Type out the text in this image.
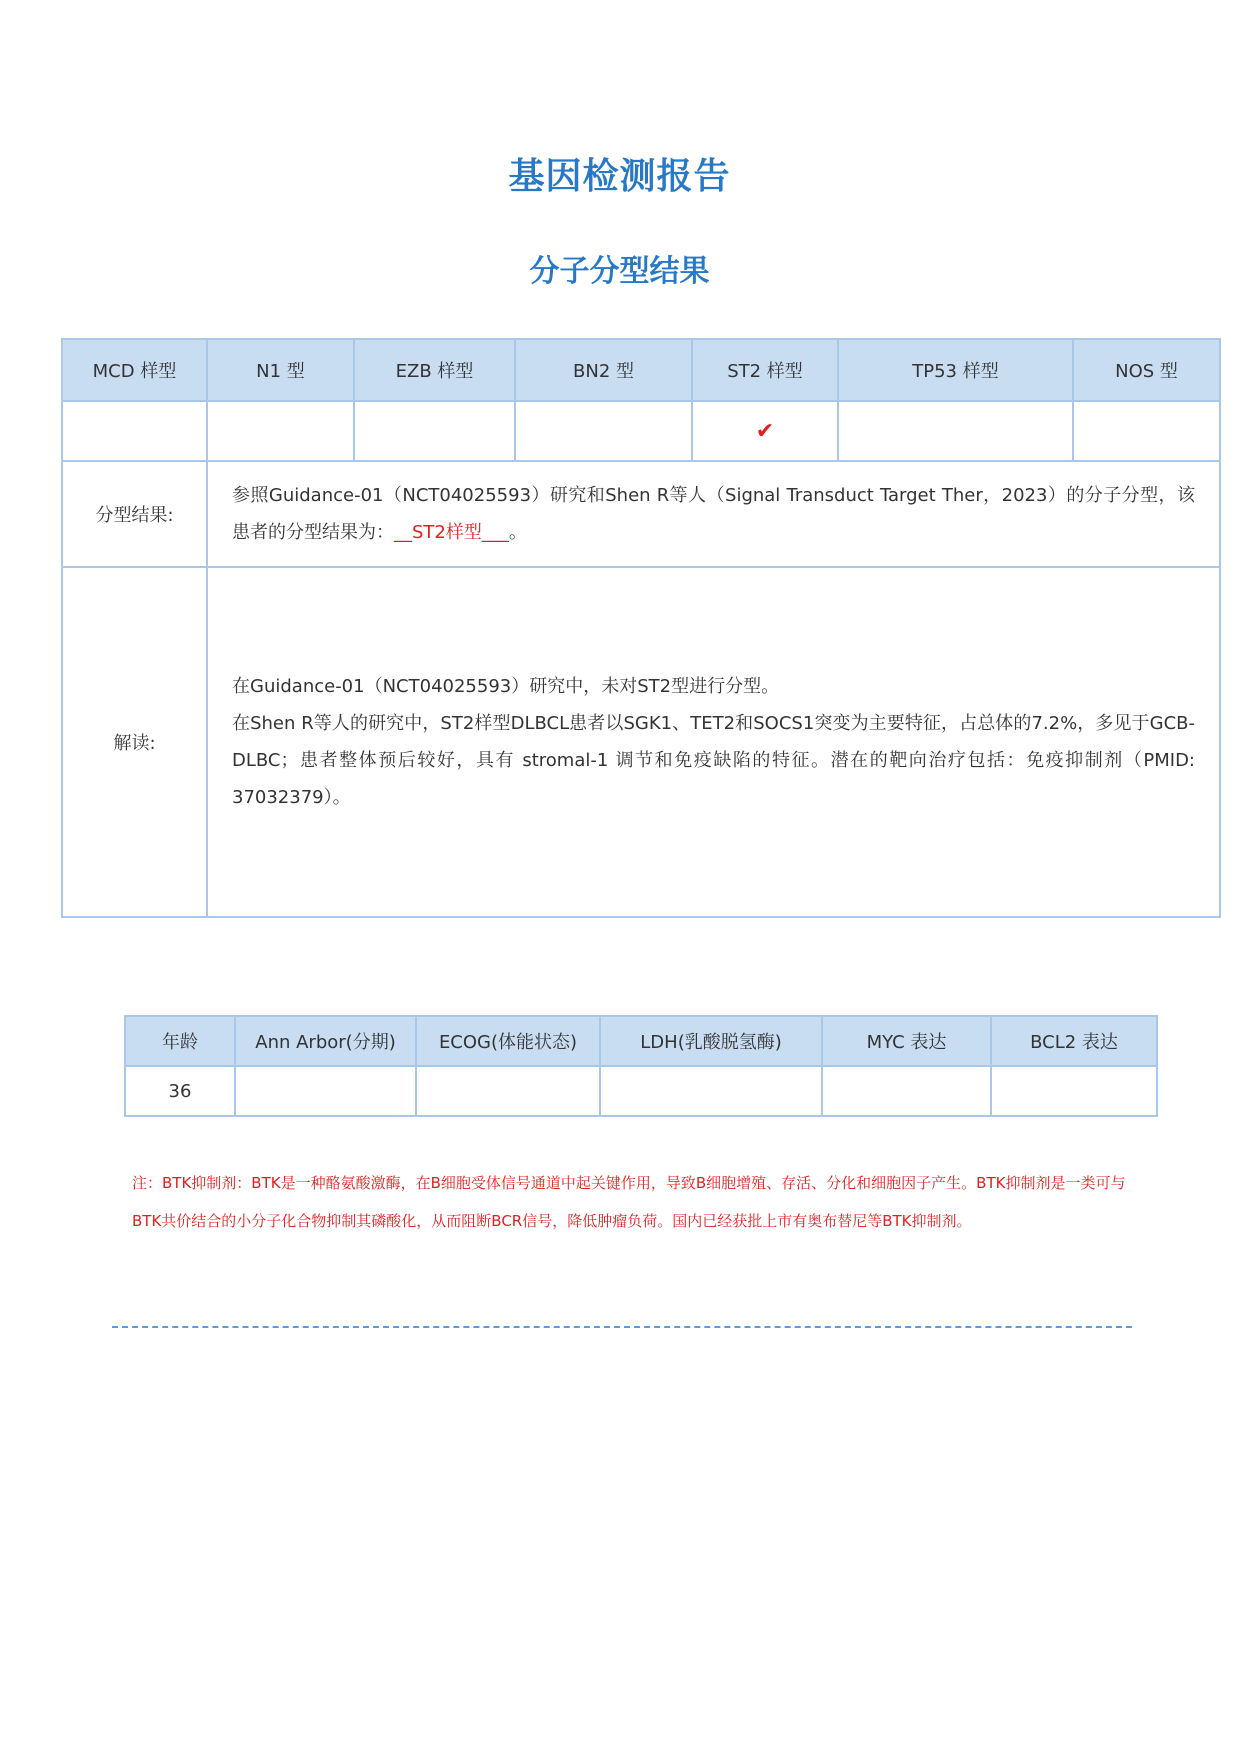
基因检测报告
分子分型结果
MCD 样型	N1 型	EZB 样型	BN2 型	ST2 样型	TP53 样型	NOS 型
				✔		
分型结果:	参照Guidance-01（NCT04025593）研究和Shen R等人（Signal Transduct Target Ther，2023）的分子分型，该患者的分型结果为：__ST2样型___。					
解读:	在Guidance-01（NCT04025593）研究中，未对ST2型进行分型。
在Shen R等人的研究中，ST2样型DLBCL患者以SGK1、TET2和SOCS1突变为主要特征，占总体的7.2%，多见于GCB-DLBC；患者整体预后较好，具有 stromal-1 调节和免疫缺陷的特征。潜在的靶向治疗包括：免疫抑制剂（PMID: 37032379）。					
年龄	Ann Arbor(分期)	ECOG(体能状态)	LDH(乳酸脱氢酶)	MYC 表达	BCL2 表达
36					
注：BTK抑制剂：BTK是一种酪氨酸激酶，在B细胞受体信号通道中起关键作用，导致B细胞增殖、存活、分化和细胞因子产生。BTK抑制剂是一类可与BTK共价结合的小分子化合物抑制其磷酸化，从而阻断BCR信号，降低肿瘤负荷。国内已经获批上市有奥布替尼等BTK抑制剂。
